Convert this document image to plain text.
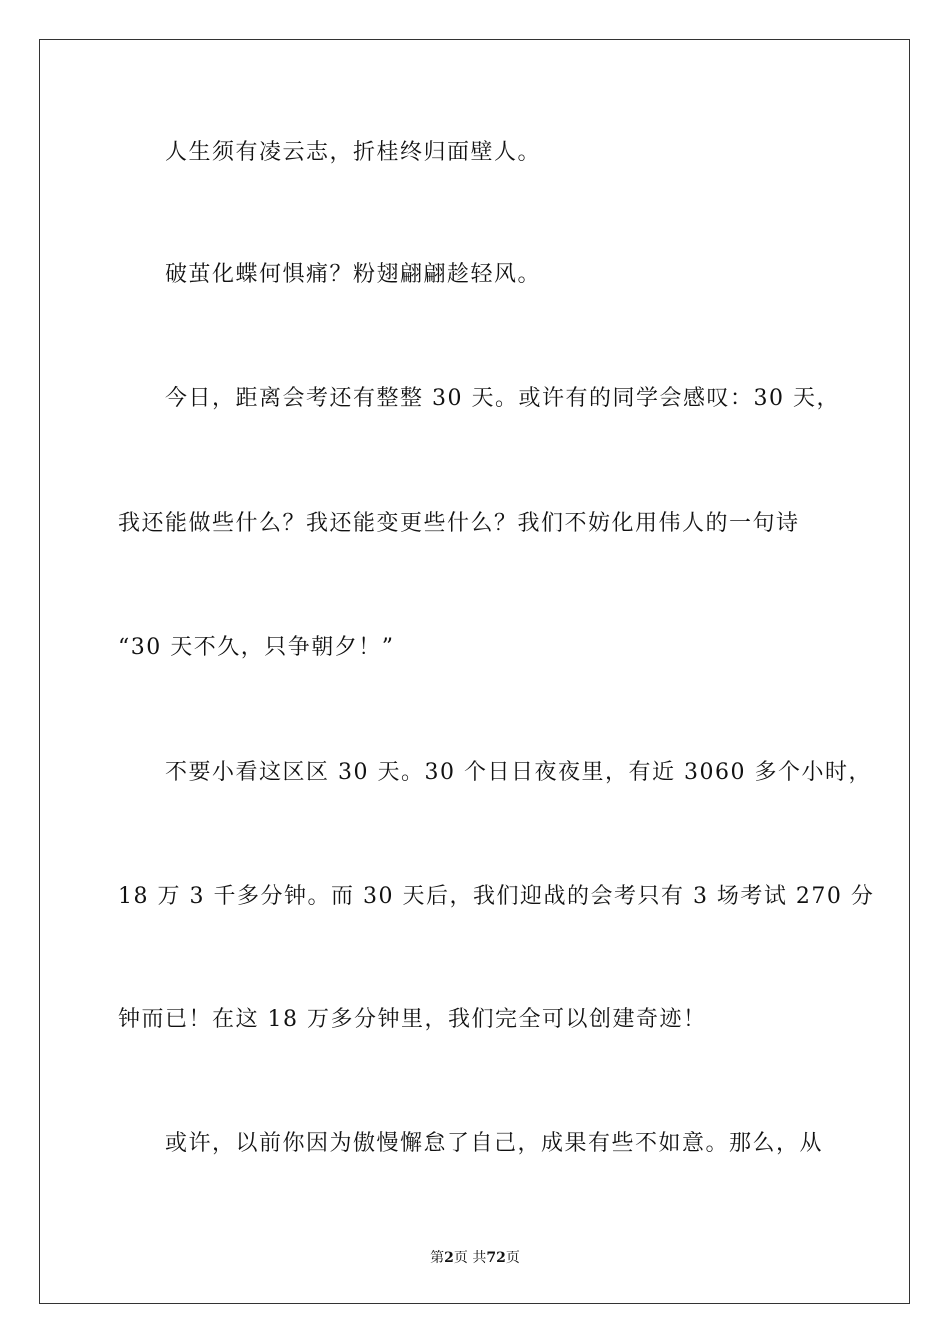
人生须有凌云志，折桂终归面壁人。
破茧化蝶何惧痛？粉翅翩翩趁轻风。
今日，距离会考还有整整 30 天。或许有的同学会感叹：30 天，
我还能做些什么？我还能变更些什么？我们不妨化用伟人的一句诗
“30 天不久，只争朝夕！”
不要小看这区区 30 天。30 个日日夜夜里，有近 3060 多个小时，
18 万 3 千多分钟。而 30 天后，我们迎战的会考只有 3 场考试 270 分
钟而已！在这 18 万多分钟里，我们完全可以创建奇迹！
或许，以前你因为傲慢懈怠了自己，成果有些不如意。那么，从
第2页 共72页
